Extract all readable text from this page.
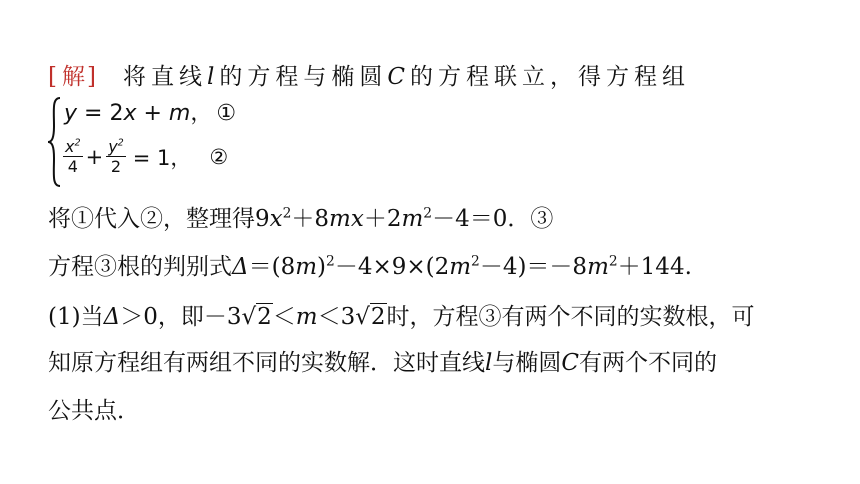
[解] 将直线l的方程与椭圆C的方程联立，得方程组
y = 2x + m， ①
$\frac{x^2}{4} + \frac{y^2}{2} = 1$， ②
将①代入②，整理得$9x^2+8mx+2m^2-4=0$．③
方程③根的判别式$\Delta=(8m)^2-4\times 9\times(2m^2-4)=-8m^2+144$.
(1)当Δ＞0，即－3√2＜m＜3√2时，方程③有两个不同的实数根，可
知原方程组有两组不同的实数解．这时直线l与椭圆C有两个不同的
公共点．
